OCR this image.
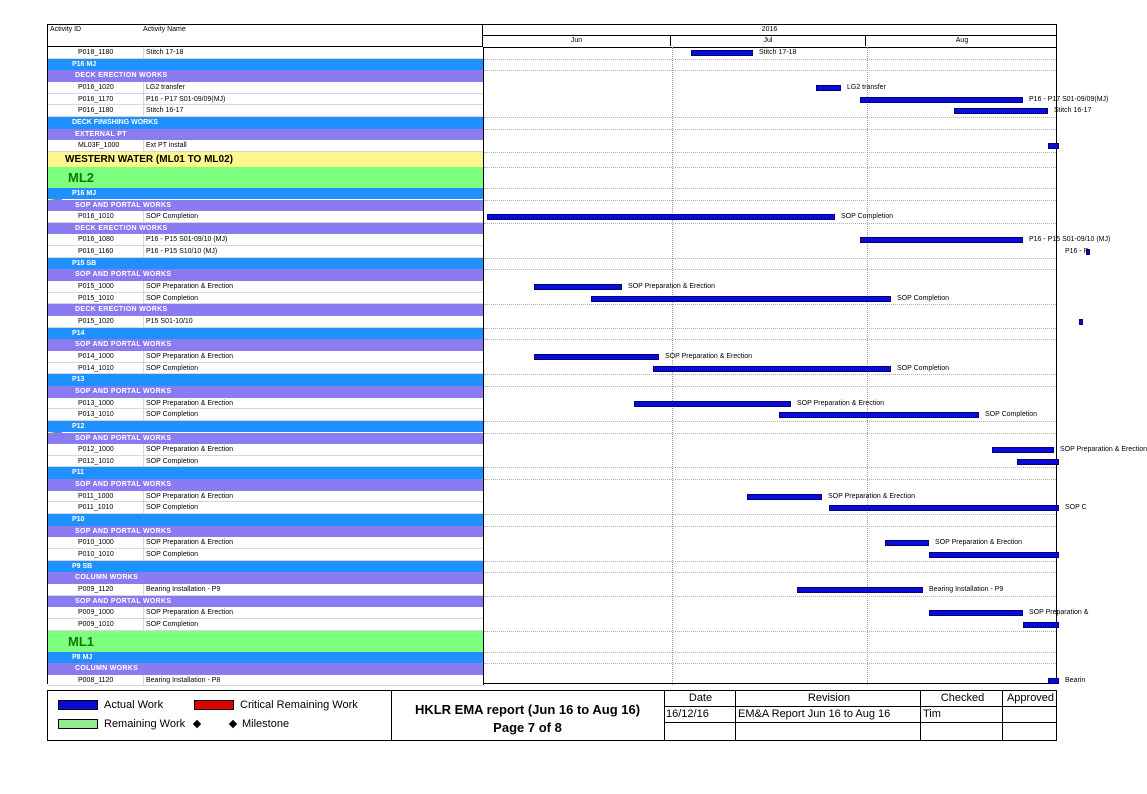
Activity ID	Activity Name	2016
Jun	Jul	Aug
P018_1180	Stitch 17-18
P16 MJ
DECK ERECTION WORKS
P016_1020	LG2 transfer
P016_1170	P16 - P17 S01-09/09(MJ)
P016_1180	Stitch 16-17
DECK FINISHING WORKS
EXTERNAL PT
ML03F_1000	Ext PT install
WESTERN WATER (ML01 TO ML02)
ML2
P16 MJ
SOP AND PORTAL WORKS
P016_1010	SOP Completion
DECK ERECTION WORKS
P016_1080	P16 - P15 S01-09/10 (MJ)
P016_1160	P16 - P15 S10/10 (MJ)
P15 SB
SOP AND PORTAL WORKS
P015_1000	SOP Preparation & Erection
P015_1010	SOP Completion
DECK ERECTION WORKS
P015_1020	P15 S01-10/10
P14
SOP AND PORTAL WORKS
P014_1000	SOP Preparation & Erection
P014_1010	SOP Completion
P13
SOP AND PORTAL WORKS
P013_1000	SOP Preparation & Erection
P013_1010	SOP Completion
P12
SOP AND PORTAL WORKS
P012_1000	SOP Preparation & Erection
P012_1010	SOP Completion
P11
SOP AND PORTAL WORKS
P011_1000	SOP Preparation & Erection
P011_1010	SOP Completion
P10
SOP AND PORTAL WORKS
P010_1000	SOP Preparation & Erection
P010_1010	SOP Completion
P9 SB
COLUMN WORKS
P009_1120	Bearing Installation - P9
SOP AND PORTAL WORKS
P009_1000	SOP Preparation & Erection
P009_1010	SOP Completion
ML1
P8 MJ
COLUMN WORKS
P008_1120	Bearing Installation - P8
Stitch 17-18
LG2 transfer
P16 - P17 S01-09/09(MJ)
Stitch 16-17
SOP Completion
P16 - P15 S01-09/10 (MJ)
P16 - P
SOP Preparation & Erection
SOP Completion
SOP Preparation & Erection
SOP Completion
SOP Preparation & Erection
SOP Completion
SOP Preparation & Erection
SOP Preparation & Erection
SOP C
SOP Preparation & Erection
Bearing Installation - P9
SOP Preparation &
Bearin
Actual Work	Critical Remaining Work
Remaining Work	Milestone
HKLR EMA report (Jun 16 to Aug 16)
Page 7 of 8
Date	Revision	Checked	Approved
16/12/16	EM&A Report Jun 16 to Aug 16	Tim
